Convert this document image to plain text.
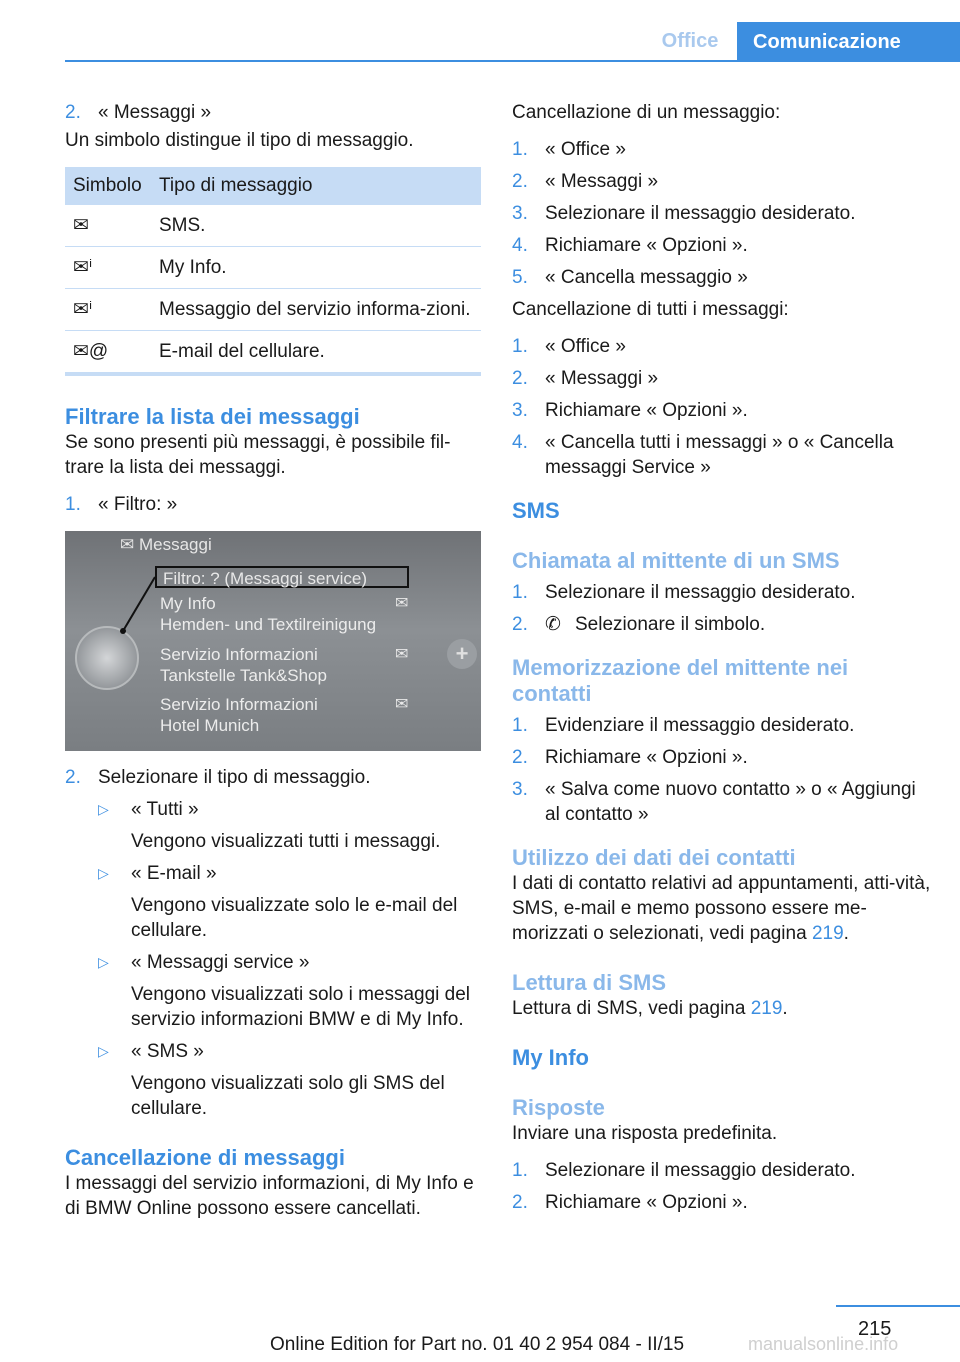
Office	Comunicazione
2. « Messaggi »

Un simbolo distingue il tipo di messaggio.

Simbolo	Tipo di messaggio
✉	SMS.
✉ⁱ	My Info.
✉ⁱ	Messaggio del servizio informa-zioni.
✉@	E-mail del cellulare.
Filtrare la lista dei messaggi

Se sono presenti più messaggi, è possibile fil-trare la lista dei messaggi.

1. « Filtro: »
✉ Messaggi
Filtro: ? (Messaggi service)
My Info
Hemden- und Textilreinigung
✉
Servizio Informazioni
Tankstelle Tank&Shop
✉
Servizio Informazioni
Hotel Munich
✉
+
2. Selezionare il tipo di messaggio.
▷	« Tutti »
Vengono visualizzati tutti i messaggi.
▷	« E-mail »
Vengono visualizzate solo le e-mail del cellulare.
▷	« Messaggi service »
Vengono visualizzati solo i messaggi del servizio informazioni BMW e di My Info.
▷	« SMS »
Vengono visualizzati solo gli SMS del cellulare.
Cancellazione di messaggi

I messaggi del servizio informazioni, di My Info e di BMW Online possono essere cancellati.

Cancellazione di un messaggio:

1. « Office »
2. « Messaggi »
3. Selezionare il messaggio desiderato.
4. Richiamare « Opzioni ».
5. « Cancella messaggio »

Cancellazione di tutti i messaggi:

1. « Office »
2. « Messaggi »
3. Richiamare « Opzioni ».
4. « Cancella tutti i messaggi » o « Cancella messaggi Service »
SMS
Chiamata al mittente di un SMS
1. Selezionare il messaggio desiderato.
2. ✆ Selezionare il simbolo.
Memorizzazione del mittente nei contatti
1. Evidenziare il messaggio desiderato.
2. Richiamare « Opzioni ».
3. « Salva come nuovo contatto » o « Aggiungi al contatto »
Utilizzo dei dati dei contatti

I dati di contatto relativi ad appuntamenti, atti-vità, SMS, e-mail e memo possono essere me-morizzati o selezionati, vedi pagina 219.

Lettura di SMS

Lettura di SMS, vedi pagina 219.

My Info
Risposte

Inviare una risposta predefinita.

1. Selezionare il messaggio desiderato.
2. Richiamare « Opzioni ».
215
Online Edition for Part no. 01 40 2 954 084 - II/15	manualsonline.info
